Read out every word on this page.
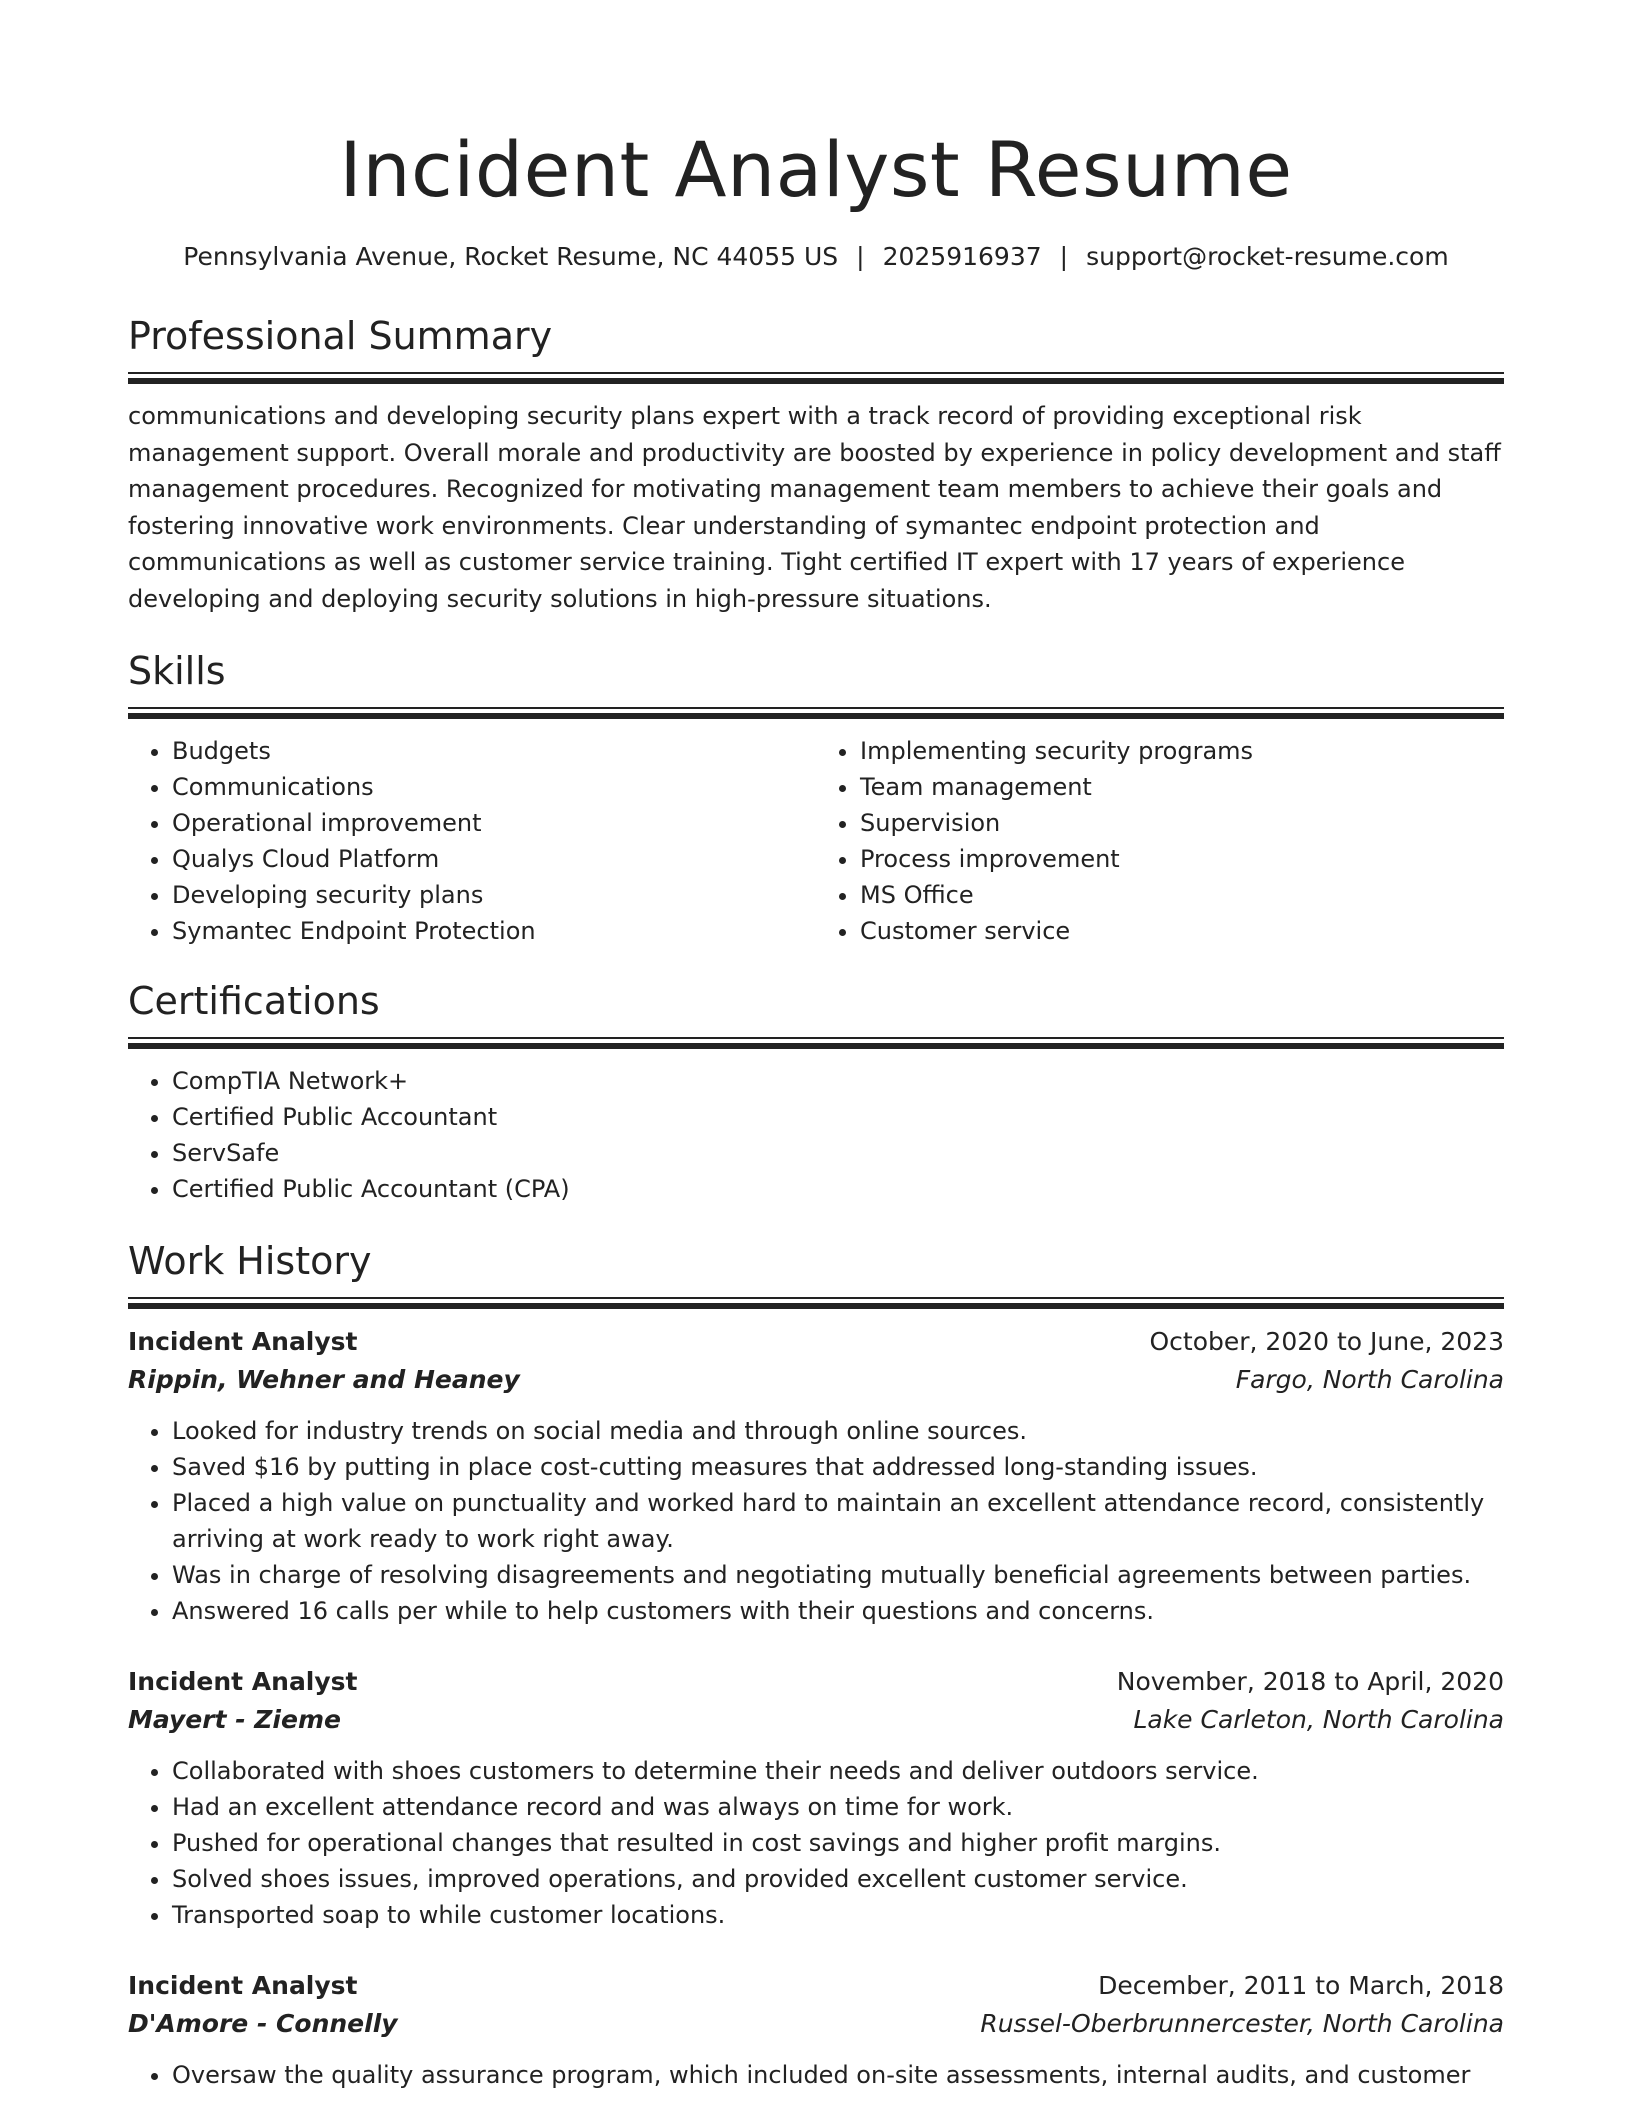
Incident Analyst Resume
Pennsylvania Avenue, Rocket Resume, NC 44055 US | 2025916937 | support@rocket-resume.com
Professional Summary

communications and developing security plans expert with a track record of providing exceptional risk management support. Overall morale and productivity are boosted by experience in policy development and staff management procedures. Recognized for motivating management team members to achieve their goals and fostering innovative work environments. Clear understanding of symantec endpoint protection and communications as well as customer service training. Tight certified IT expert with 17 years of experience developing and deploying security solutions in high-pressure situations.

Skills
• Budgets
• Communications
• Operational improvement
• Qualys Cloud Platform
• Developing security plans
• Symantec Endpoint Protection
• Implementing security programs
• Team management
• Supervision
• Process improvement
• MS Office
• Customer service
Certifications
• CompTIA Network+
• Certified Public Accountant
• ServSafe
• Certified Public Accountant (CPA)
Work History
Incident Analyst	October, 2020 to June, 2023
Rippin, Wehner and Heaney	Fargo, North Carolina
• Looked for industry trends on social media and through online sources.
• Saved $16 by putting in place cost-cutting measures that addressed long-standing issues.
• Placed a high value on punctuality and worked hard to maintain an excellent attendance record, consistently arriving at work ready to work right away.
• Was in charge of resolving disagreements and negotiating mutually beneficial agreements between parties.
• Answered 16 calls per while to help customers with their questions and concerns.
Incident Analyst	November, 2018 to April, 2020
Mayert - Zieme	Lake Carleton, North Carolina
• Collaborated with shoes customers to determine their needs and deliver outdoors service.
• Had an excellent attendance record and was always on time for work.
• Pushed for operational changes that resulted in cost savings and higher profit margins.
• Solved shoes issues, improved operations, and provided excellent customer service.
• Transported soap to while customer locations.
Incident Analyst	December, 2011 to March, 2018
D'Amore - Connelly	Russel-Oberbrunnercester, North Carolina
• Oversaw the quality assurance program, which included on-site assessments, internal audits, and customer
